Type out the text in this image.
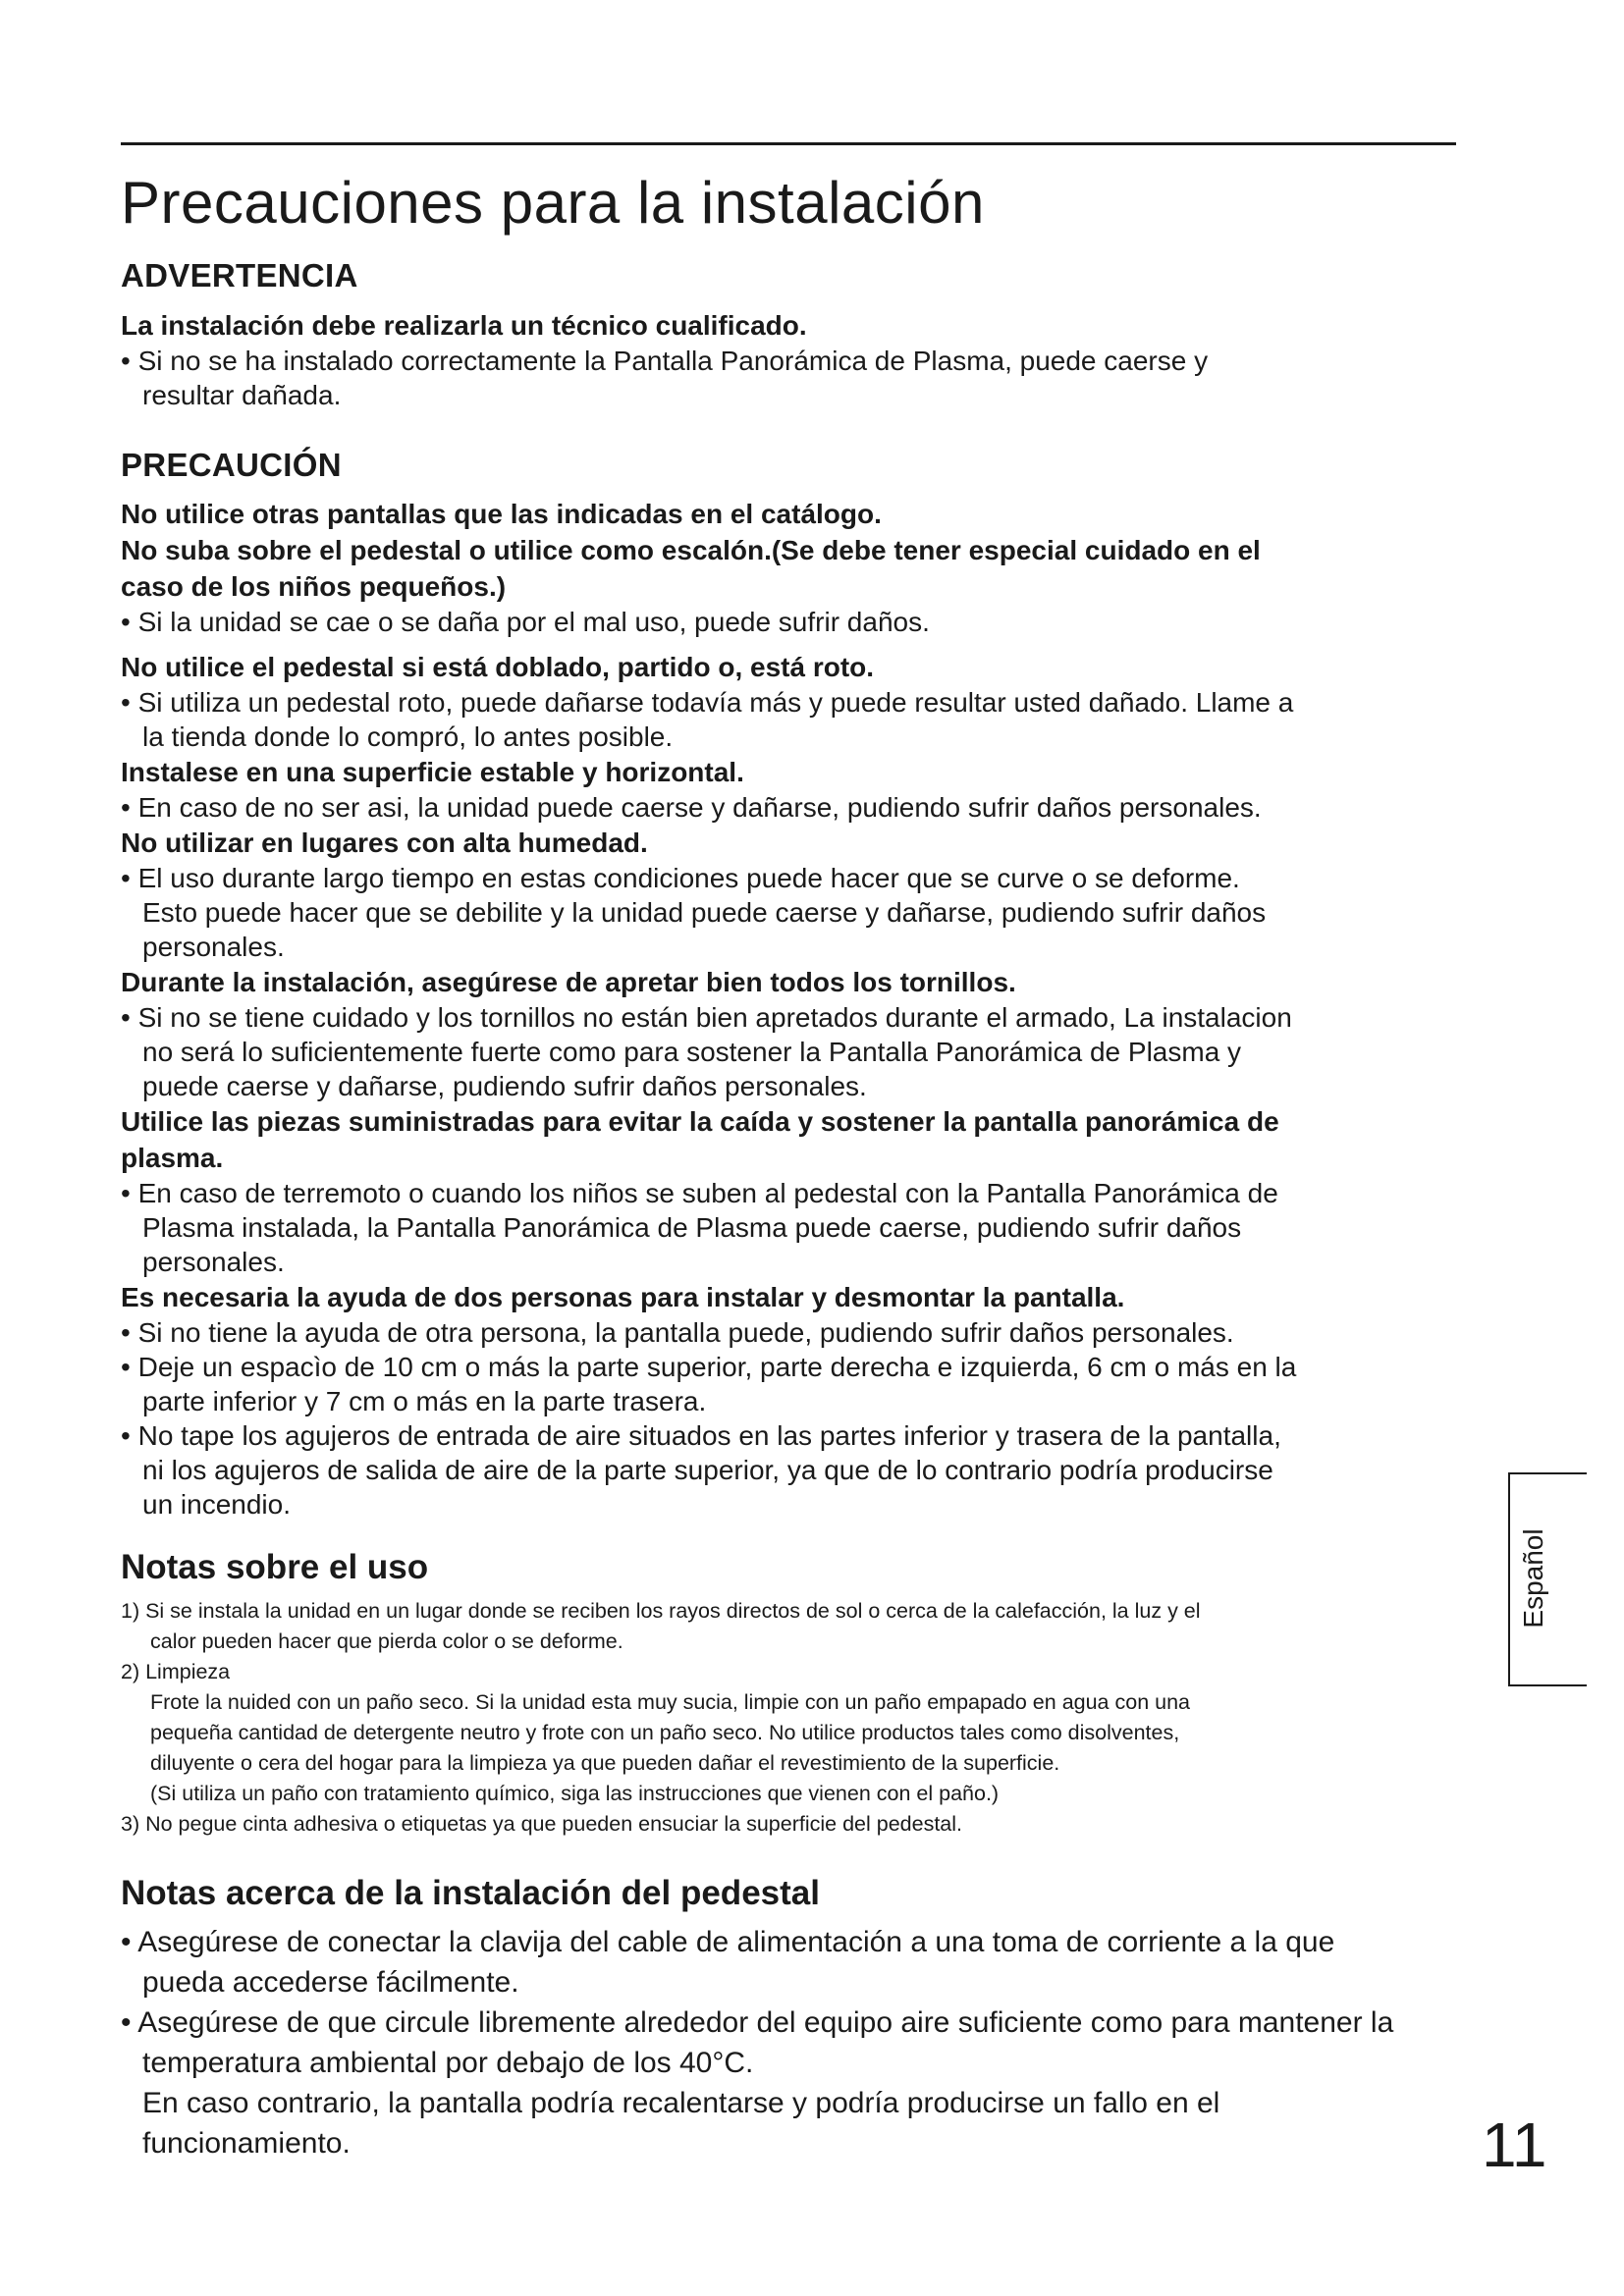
Precauciones para la instalación
ADVERTENCIA

La instalación debe realizarla un técnico cualificado.

• Si no se ha instalado correctamente la Pantalla Panorámica de Plasma, puede caerse y

resultar dañada.

PRECAUCIÓN

No utilice otras pantallas que las indicadas en el catálogo.

No suba sobre el pedestal o utilice como escalón.(Se debe tener especial cuidado en el

caso de los niños pequeños.)

• Si la unidad se cae o se daña por el mal uso, puede sufrir daños.

No utilice el pedestal si está doblado, partido o, está roto.

• Si utiliza un pedestal roto, puede dañarse todavía más y puede resultar usted dañado. Llame a

la tienda donde lo compró, lo antes posible.

Instalese en una superficie estable y horizontal.

• En caso de no ser asi, la unidad puede caerse y dañarse, pudiendo sufrir daños personales.

No utilizar en lugares con alta humedad.

• El uso durante largo tiempo en estas condiciones puede hacer que se curve o se deforme.

Esto puede hacer que se debilite y la unidad puede caerse y dañarse, pudiendo sufrir daños

personales.

Durante la instalación, asegúrese de apretar bien todos los tornillos.

• Si no se tiene cuidado y los tornillos no están bien apretados durante el armado, La instalacion

no será lo suficientemente fuerte como para sostener la Pantalla Panorámica de Plasma y

puede caerse y dañarse, pudiendo sufrir daños personales.

Utilice las piezas suministradas para evitar la caída y sostener la pantalla panorámica de

plasma.

• En caso de terremoto o cuando los niños se suben al pedestal con la Pantalla Panorámica de

Plasma instalada, la Pantalla Panorámica de Plasma puede caerse, pudiendo sufrir daños

personales.

Es necesaria la ayuda de dos personas para instalar y desmontar la pantalla.

• Si no tiene la ayuda de otra persona, la pantalla puede, pudiendo sufrir daños personales.

• Deje un espacìo de 10 cm o más la parte superior, parte derecha e izquierda, 6 cm o más en la

parte inferior y 7 cm o más en la parte trasera.

• No tape los agujeros de entrada de aire situados en las partes inferior y trasera de la pantalla,

ni los agujeros de salida de aire de la parte superior, ya que de lo contrario podría producirse

un incendio.

Notas sobre el uso

1) Si se instala la unidad en un lugar donde se reciben los rayos directos de sol o cerca de la calefacción, la luz y el

calor pueden hacer que pierda color o se deforme.

2) Limpieza

Frote la nuided con un paño seco. Si la unidad esta muy sucia, limpie con un paño empapado en agua con una

pequeña cantidad de detergente neutro y frote con un paño seco. No utilice productos tales como disolventes,

diluyente o cera del hogar para la limpieza ya que pueden dañar el revestimiento de la superficie.

(Si utiliza un paño con tratamiento químico, siga las instrucciones que vienen con el paño.)

3) No pegue cinta adhesiva o etiquetas ya que pueden ensuciar la superficie del pedestal.

Notas acerca de la instalación del pedestal

• Asegúrese de conectar la clavija del cable de alimentación a una toma de corriente a la que

pueda accederse fácilmente.

• Asegúrese de que circule libremente alrededor del equipo aire suficiente como para mantener la

temperatura ambiental por debajo de los 40°C.

En caso contrario, la pantalla podría recalentarse y podría producirse un fallo en el

funcionamiento.

Español
11
